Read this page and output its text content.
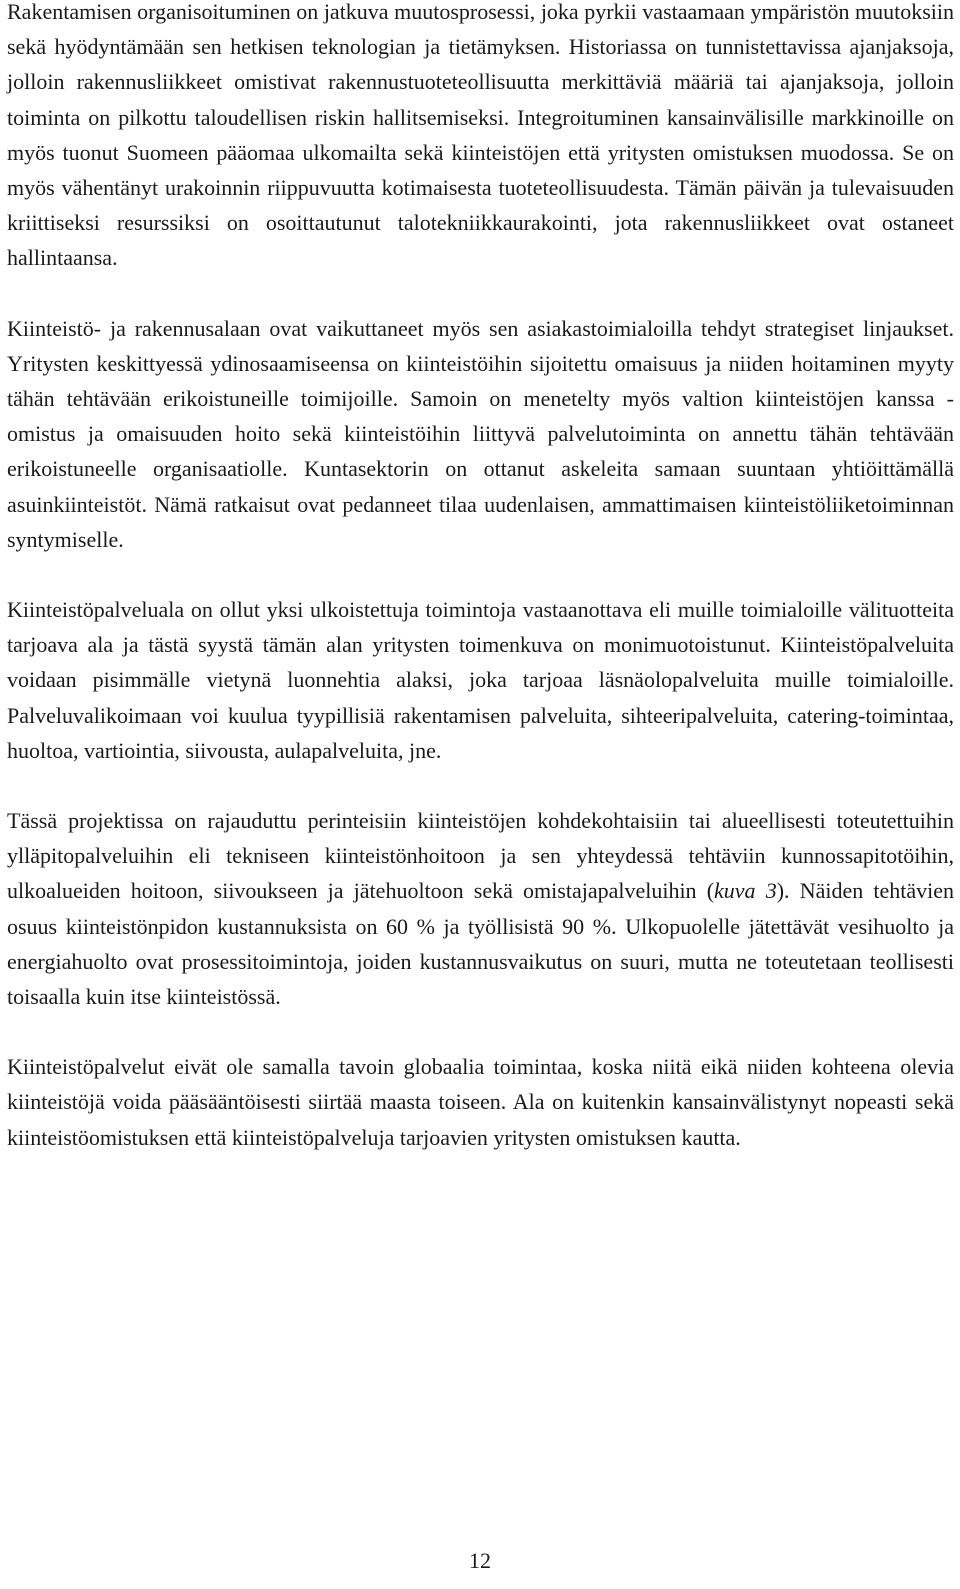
Rakentamisen organisoituminen on jatkuva muutosprosessi, joka pyrkii vastaamaan ympäristön muutoksiin sekä hyödyntämään sen hetkisen teknologian ja tietämyksen. Historiassa on tunnistettavissa ajanjaksoja, jolloin rakennusliikkeet omistivat rakennustuoteteollisuutta merkittäviä määriä tai ajanjaksoja, jolloin toiminta on pilkottu taloudellisen riskin hallitsemiseksi. Integroituminen kansainvälisille markkinoille on myös tuonut Suomeen pääomaa ulkomailta sekä kiinteistöjen että yritysten omistuksen muodossa. Se on myös vähentänyt urakoinnin riippuvuutta kotimaisesta tuoteteollisuudesta. Tämän päivän ja tulevaisuuden kriittiseksi resurssiksi on osoittautunut talotekniikkaurakointi, jota rakennusliikkeet ovat ostaneet hallintaansa.

Kiinteistö- ja rakennusalaan ovat vaikuttaneet myös sen asiakastoimialoilla tehdyt strategiset linjaukset. Yritysten keskittyessä ydinosaamiseensa on kiinteistöihin sijoitettu omaisuus ja niiden hoitaminen myyty tähän tehtävään erikoistuneille toimijoille. Samoin on menetelty myös valtion kiinteistöjen kanssa - omistus ja omaisuuden hoito sekä kiinteistöihin liittyvä palvelutoiminta on annettu tähän tehtävään erikoistuneelle organisaatiolle. Kuntasektorin on ottanut askeleita samaan suuntaan yhtiöittämällä asuinkiinteistöt. Nämä ratkaisut ovat pedanneet tilaa uudenlaisen, ammattimaisen kiinteistöliiketoiminnan syntymiselle.

Kiinteistöpalveluala on ollut yksi ulkoistettuja toimintoja vastaanottava eli muille toimialoille välituotteita tarjoava ala ja tästä syystä tämän alan yritysten toimenkuva on monimuotoistunut. Kiinteistöpalveluita voidaan pisimmälle vietynä luonnehtia alaksi, joka tarjoaa läsnäolopalveluita muille toimialoille. Palveluvalikoimaan voi kuulua tyypillisiä rakentamisen palveluita, sihteeripalveluita, catering-toimintaa, huoltoa, vartiointia, siivousta, aulapalveluita, jne.

Tässä projektissa on rajauduttu perinteisiin kiinteistöjen kohdekohtaisiin tai alueellisesti toteutettuihin ylläpitopalveluihin eli tekniseen kiinteistönhoitoon ja sen yhteydessä tehtäviin kunnossapitotöihin, ulkoalueiden hoitoon, siivoukseen ja jätehuoltoon sekä omistajapalveluihin (kuva 3). Näiden tehtävien osuus kiinteistönpidon kustannuksista on 60 % ja työllisistä 90 %. Ulkopuolelle jätettävät vesihuolto ja energiahuolto ovat prosessitoimintoja, joiden kustannusvaikutus on suuri, mutta ne toteutetaan teollisesti toisaalla kuin itse kiinteistössä.

Kiinteistöpalvelut eivät ole samalla tavoin globaalia toimintaa, koska niitä eikä niiden kohteena olevia kiinteistöjä voida pääsääntöisesti siirtää maasta toiseen. Ala on kuitenkin kansainvälistynyt nopeasti sekä kiinteistöomistuksen että kiinteistöpalveluja tarjoavien yritysten omistuksen kautta.

12
